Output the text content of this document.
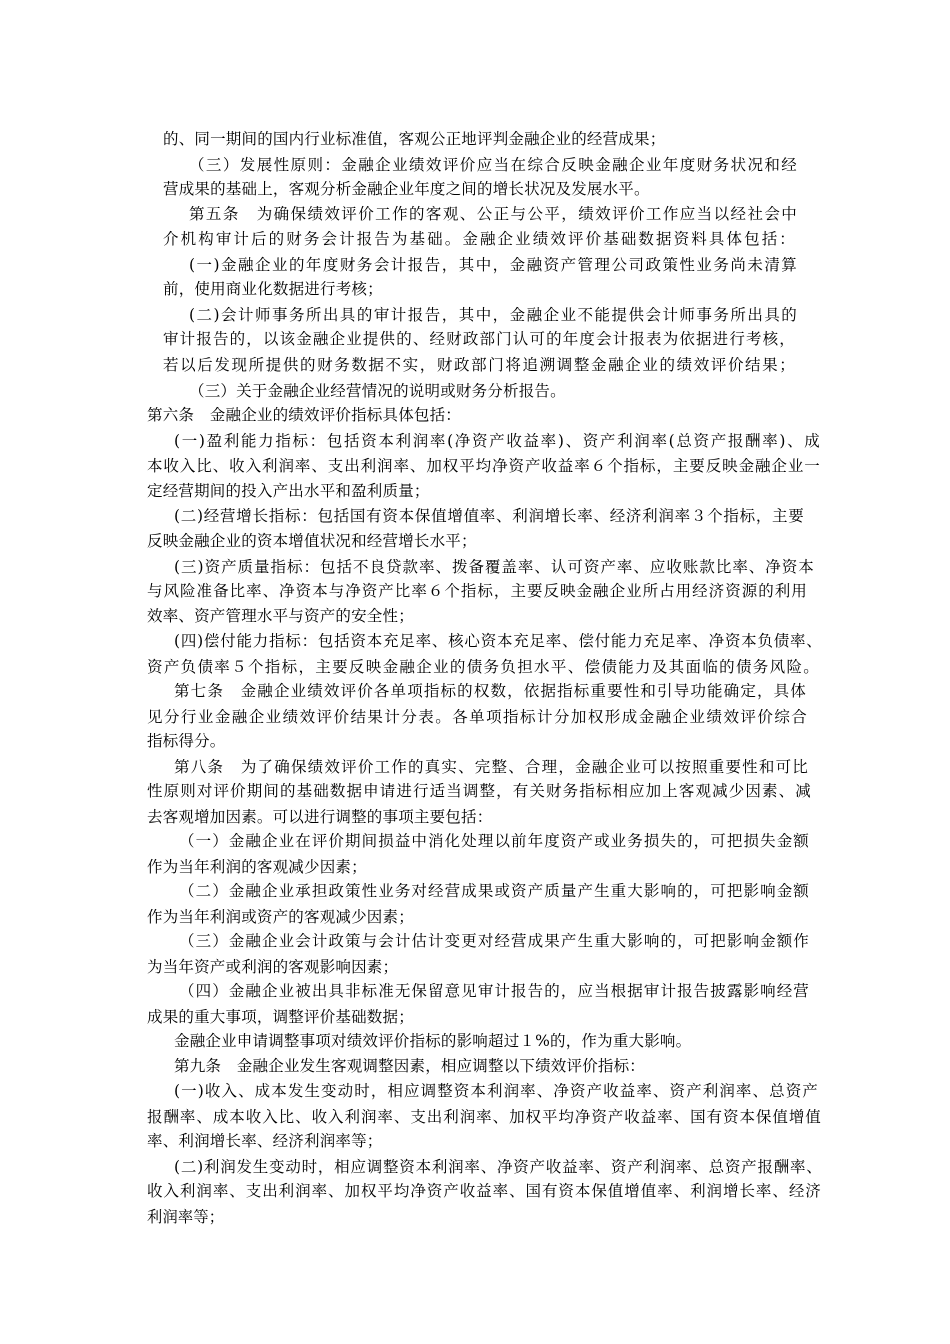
的、同一期间的国内行业标准值，客观公正地评判金融企业的经营成果；

（三）发展性原则：金融企业绩效评价应当在综合反映金融企业年度财务状况和经

营成果的基础上，客观分析金融企业年度之间的增长状况及发展水平。

第五条　为确保绩效评价工作的客观、公正与公平，绩效评价工作应当以经社会中

介机构审计后的财务会计报告为基础。金融企业绩效评价基础数据资料具体包括：

(一)金融企业的年度财务会计报告，其中，金融资产管理公司政策性业务尚未清算

前，使用商业化数据进行考核；

(二)会计师事务所出具的审计报告，其中，金融企业不能提供会计师事务所出具的

审计报告的，以该金融企业提供的、经财政部门认可的年度会计报表为依据进行考核，

若以后发现所提供的财务数据不实，财政部门将追溯调整金融企业的绩效评价结果；

（三）关于金融企业经营情况的说明或财务分析报告。

第六条　金融企业的绩效评价指标具体包括：

(一)盈利能力指标：包括资本利润率(净资产收益率)、资产利润率(总资产报酬率)、成

本收入比、收入利润率、支出利润率、加权平均净资产收益率６个指标，主要反映金融企业一

定经营期间的投入产出水平和盈利质量；

(二)经营增长指标：包括国有资本保值增值率、利润增长率、经济利润率３个指标，主要

反映金融企业的资本增值状况和经营增长水平；

(三)资产质量指标：包括不良贷款率、拨备覆盖率、认可资产率、应收账款比率、净资本

与风险准备比率、净资本与净资产比率６个指标，主要反映金融企业所占用经济资源的利用

效率、资产管理水平与资产的安全性；

(四)偿付能力指标：包括资本充足率、核心资本充足率、偿付能力充足率、净资本负债率、

资产负债率５个指标，主要反映金融企业的债务负担水平、偿债能力及其面临的债务风险。

第七条　金融企业绩效评价各单项指标的权数，依据指标重要性和引导功能确定，具体

见分行业金融企业绩效评价结果计分表。各单项指标计分加权形成金融企业绩效评价综合

指标得分。

第八条　为了确保绩效评价工作的真实、完整、合理，金融企业可以按照重要性和可比

性原则对评价期间的基础数据申请进行适当调整，有关财务指标相应加上客观减少因素、减

去客观增加因素。可以进行调整的事项主要包括：

（一）金融企业在评价期间损益中消化处理以前年度资产或业务损失的，可把损失金额

作为当年利润的客观减少因素；

（二）金融企业承担政策性业务对经营成果或资产质量产生重大影响的，可把影响金额

作为当年利润或资产的客观减少因素；

（三）金融企业会计政策与会计估计变更对经营成果产生重大影响的，可把影响金额作

为当年资产或利润的客观影响因素；

（四）金融企业被出具非标准无保留意见审计报告的，应当根据审计报告披露影响经营

成果的重大事项，调整评价基础数据；

金融企业申请调整事项对绩效评价指标的影响超过１%的，作为重大影响。

第九条　金融企业发生客观调整因素，相应调整以下绩效评价指标：

(一)收入、成本发生变动时，相应调整资本利润率、净资产收益率、资产利润率、总资产

报酬率、成本收入比、收入利润率、支出利润率、加权平均净资产收益率、国有资本保值增值

率、利润增长率、经济利润率等；

(二)利润发生变动时，相应调整资本利润率、净资产收益率、资产利润率、总资产报酬率、

收入利润率、支出利润率、加权平均净资产收益率、国有资本保值增值率、利润增长率、经济

利润率等；
